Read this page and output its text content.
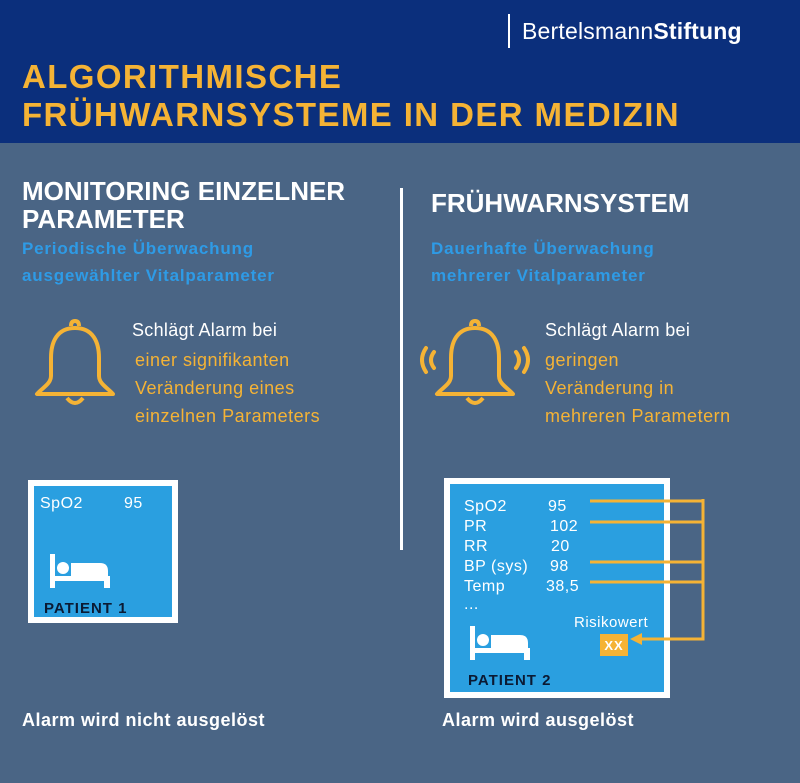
Bertelsmann Stiftung
ALGORITHMISCHE
FRÜHWARNSYSTEME IN DER MEDIZIN
MONITORING EINZELNER
PARAMETER
Periodische Überwachung
ausgewählter Vitalparameter
Schlägt Alarm bei
einer signifikanten
Veränderung eines
einzelnen Parameters
SpO2	95
PATIENT 1
Alarm wird nicht ausgelöst
FRÜHWARNSYSTEM
Dauerhafte Überwachung
mehrerer Vitalparameter
Schlägt Alarm bei
geringen
Veränderung in
mehreren Parametern
SpO2	95
PR	102
RR	20
BP (sys) 98
Temp	38,5
...
Risikowert
XX
PATIENT 2
Alarm wird ausgelöst
